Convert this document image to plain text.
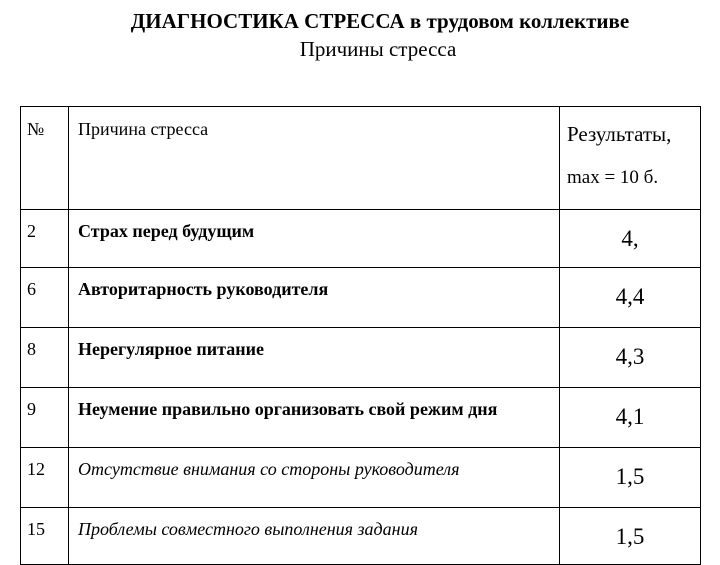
ДИАГНОСТИКА СТРЕССА в трудовом коллективе
Причины стресса
№	Причина стресса	Результаты,
max = 10 б.

2	Страх перед будущим	4,
6	Авторитарность руководителя	4,4
8	Нерегулярное питание	4,3
9	Неумение правильно организовать свой режим дня	4,1
12	Отсутствие внимания со стороны руководителя	1,5
15	Проблемы совместного выполнения задания	1,5
